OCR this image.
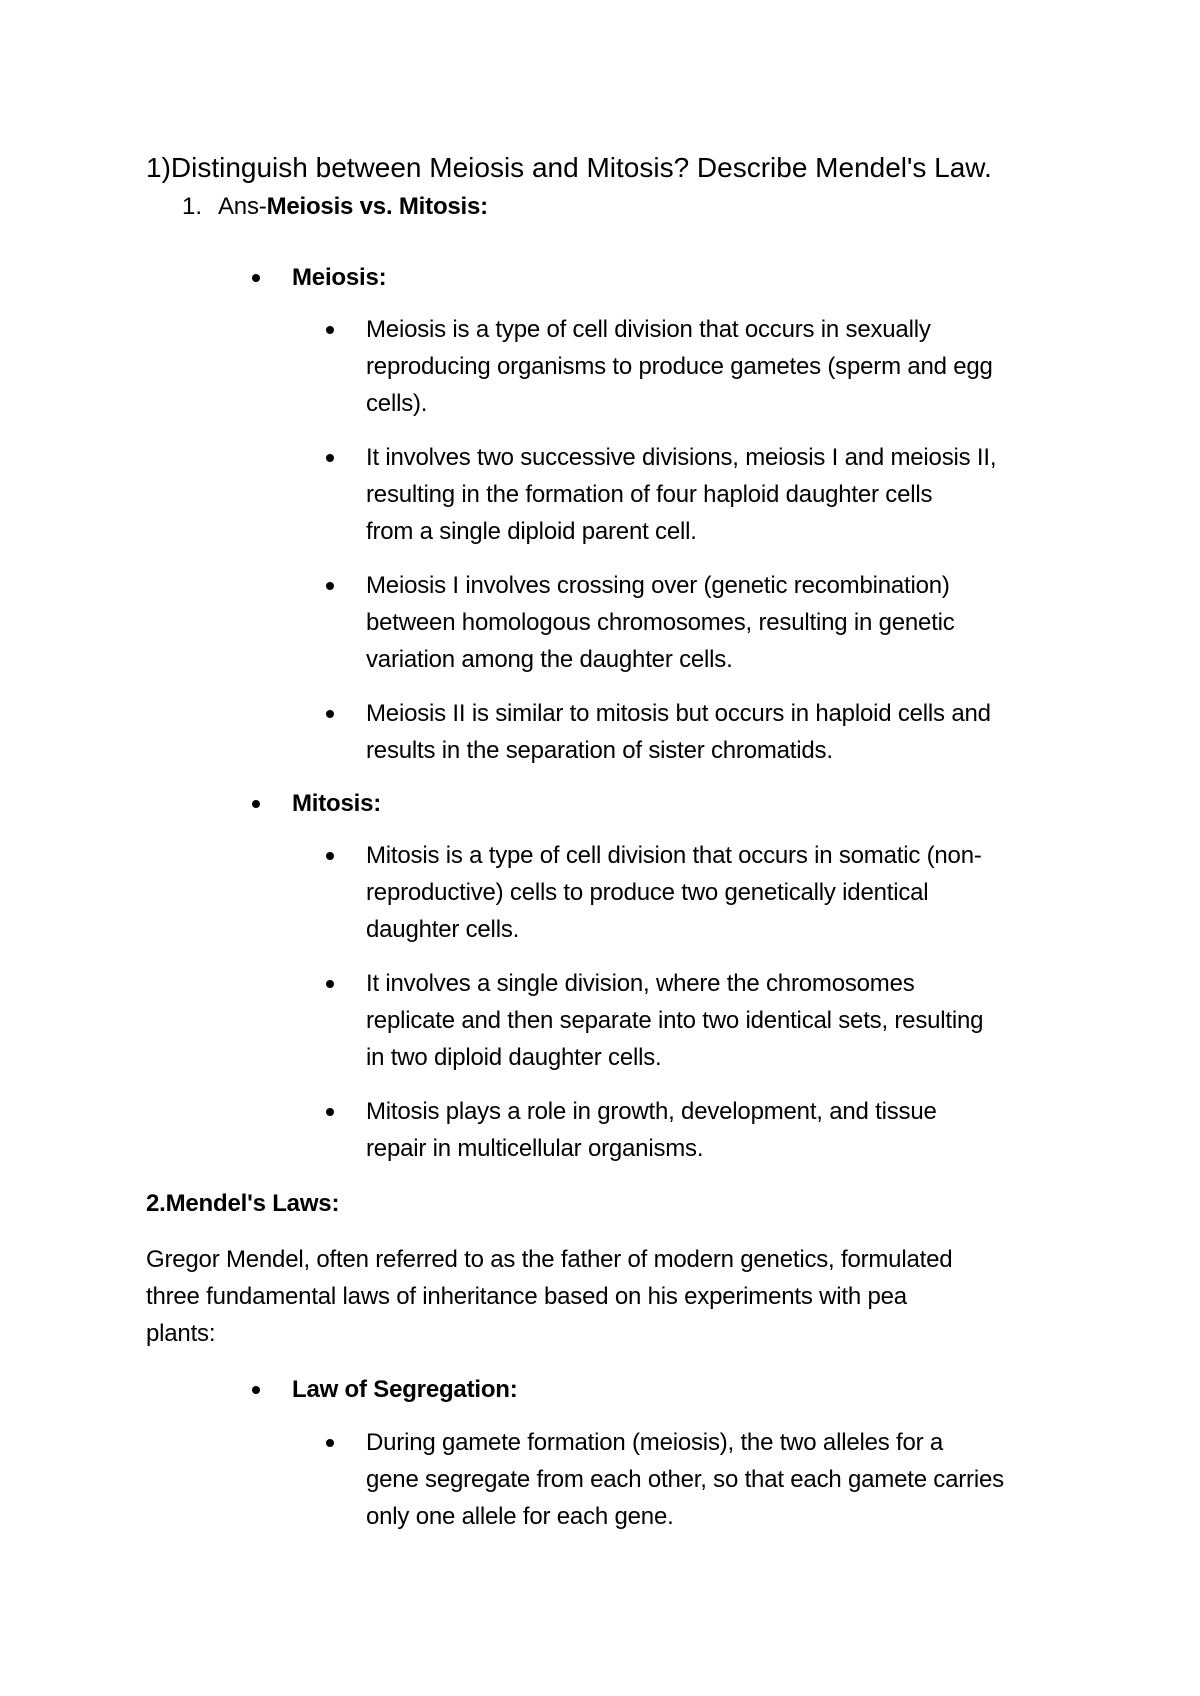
1)Distinguish between Meiosis and Mitosis? Describe Mendel's Law.
1. Ans-Meiosis vs. Mitosis:
Meiosis:
Meiosis is a type of cell division that occurs in sexually
reproducing organisms to produce gametes (sperm and egg
cells).
It involves two successive divisions, meiosis I and meiosis II,
resulting in the formation of four haploid daughter cells
from a single diploid parent cell.
Meiosis I involves crossing over (genetic recombination)
between homologous chromosomes, resulting in genetic
variation among the daughter cells.
Meiosis II is similar to mitosis but occurs in haploid cells and
results in the separation of sister chromatids.
Mitosis:
Mitosis is a type of cell division that occurs in somatic (non-
reproductive) cells to produce two genetically identical
daughter cells.
It involves a single division, where the chromosomes
replicate and then separate into two identical sets, resulting
in two diploid daughter cells.
Mitosis plays a role in growth, development, and tissue
repair in multicellular organisms.
2.Mendel's Laws:
Gregor Mendel, often referred to as the father of modern genetics, formulated
three fundamental laws of inheritance based on his experiments with pea
plants:
Law of Segregation:
During gamete formation (meiosis), the two alleles for a
gene segregate from each other, so that each gamete carries
only one allele for each gene.
